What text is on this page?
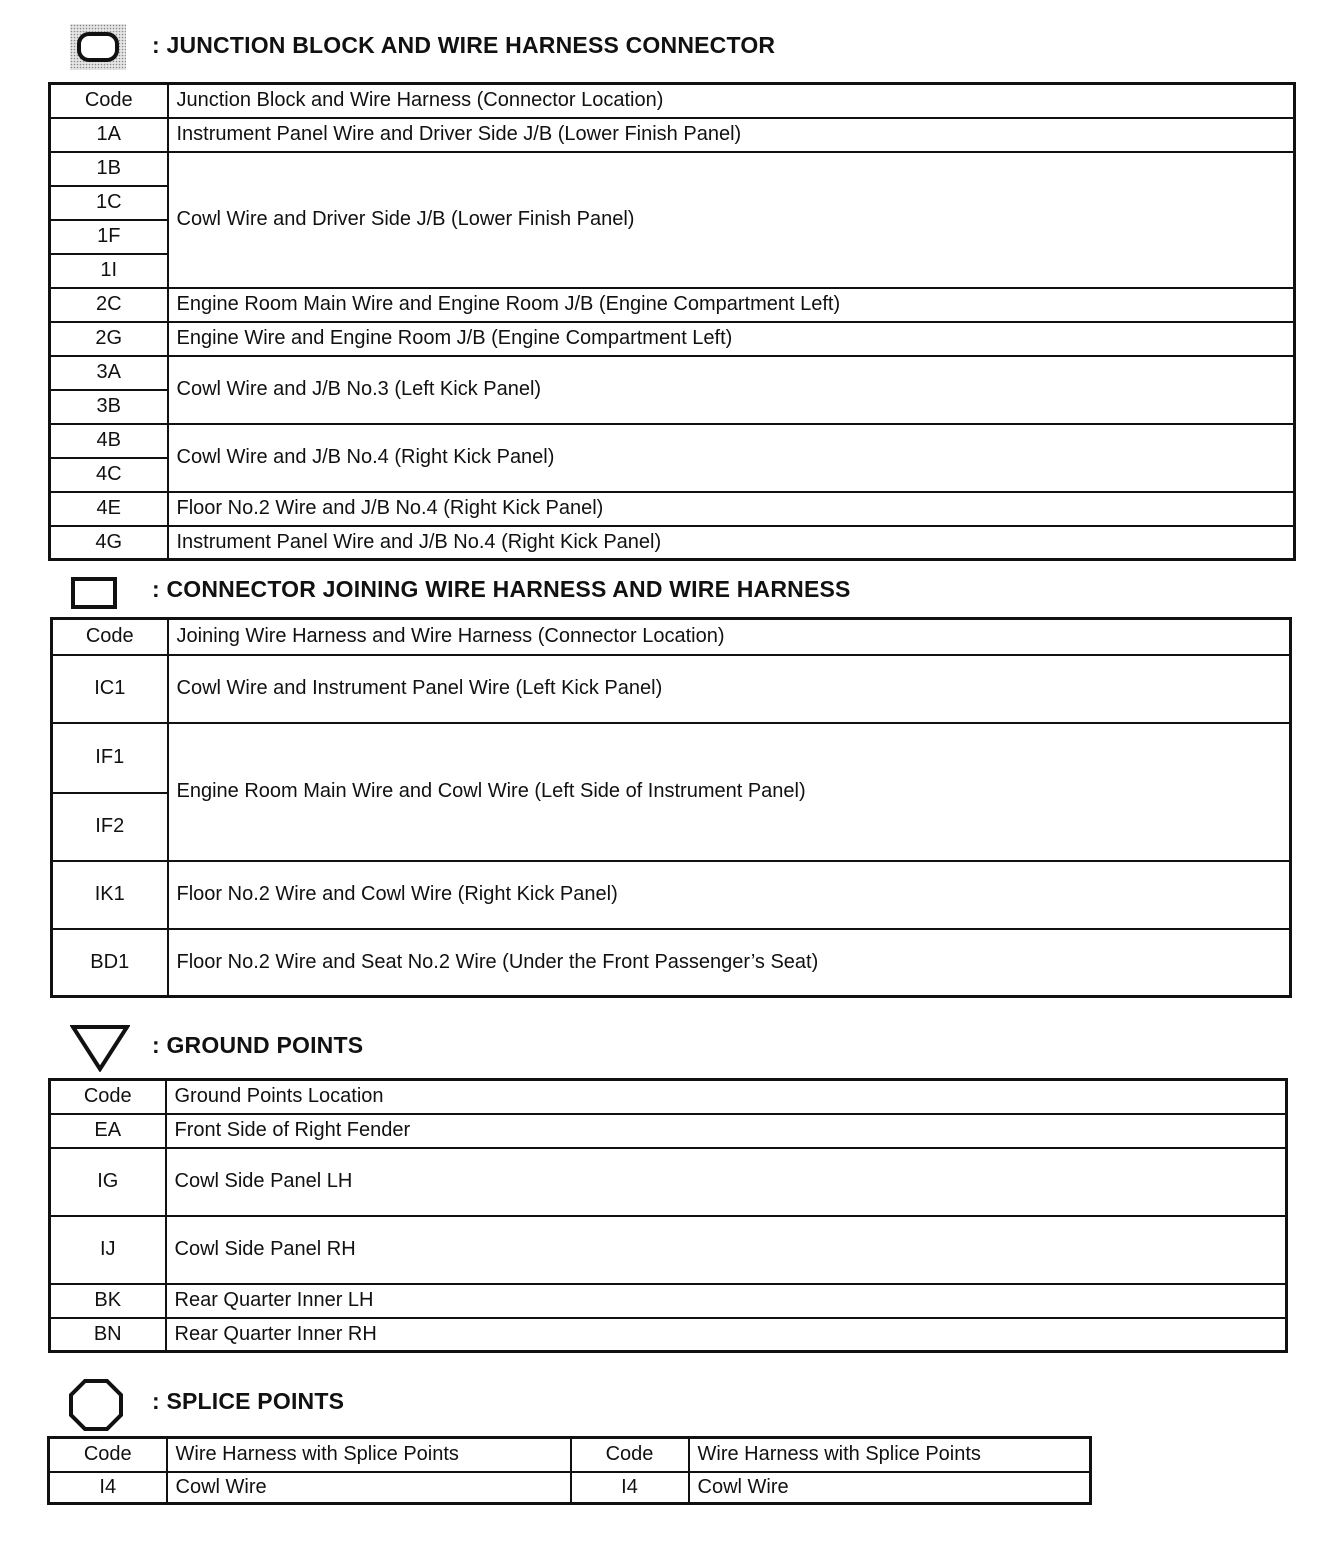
: JUNCTION BLOCK AND WIRE HARNESS CONNECTOR
Code	Junction Block and Wire Harness (Connector Location)
1A	Instrument Panel Wire and Driver Side J/B (Lower Finish Panel)
1B	Cowl Wire and Driver Side J/B (Lower Finish Panel)
1C	
1F	
1I	
2C	Engine Room Main Wire and Engine Room J/B (Engine Compartment Left)
2G	Engine Wire and Engine Room J/B (Engine Compartment Left)
3A	Cowl Wire and J/B No.3 (Left Kick Panel)
3B	
4B	Cowl Wire and J/B No.4 (Right Kick Panel)
4C	
4E	Floor No.2 Wire and J/B No.4 (Right Kick Panel)
4G	Instrument Panel Wire and J/B No.4 (Right Kick Panel)
: CONNECTOR JOINING WIRE HARNESS AND WIRE HARNESS
Code	Joining Wire Harness and Wire Harness (Connector Location)
IC1	Cowl Wire and Instrument Panel Wire (Left Kick Panel)
IF1	Engine Room Main Wire and Cowl Wire (Left Side of Instrument Panel)
IF2	
IK1	Floor No.2 Wire and Cowl Wire (Right Kick Panel)
BD1	Floor No.2 Wire and Seat No.2 Wire (Under the Front Passenger’s Seat)
: GROUND POINTS
Code	Ground Points Location
EA	Front Side of Right Fender
IG	Cowl Side Panel LH
IJ	Cowl Side Panel RH
BK	Rear Quarter Inner LH
BN	Rear Quarter Inner RH
: SPLICE POINTS
Code	Wire Harness with Splice Points	Code	Wire Harness with Splice Points
I4	Cowl Wire	I4	Cowl Wire
